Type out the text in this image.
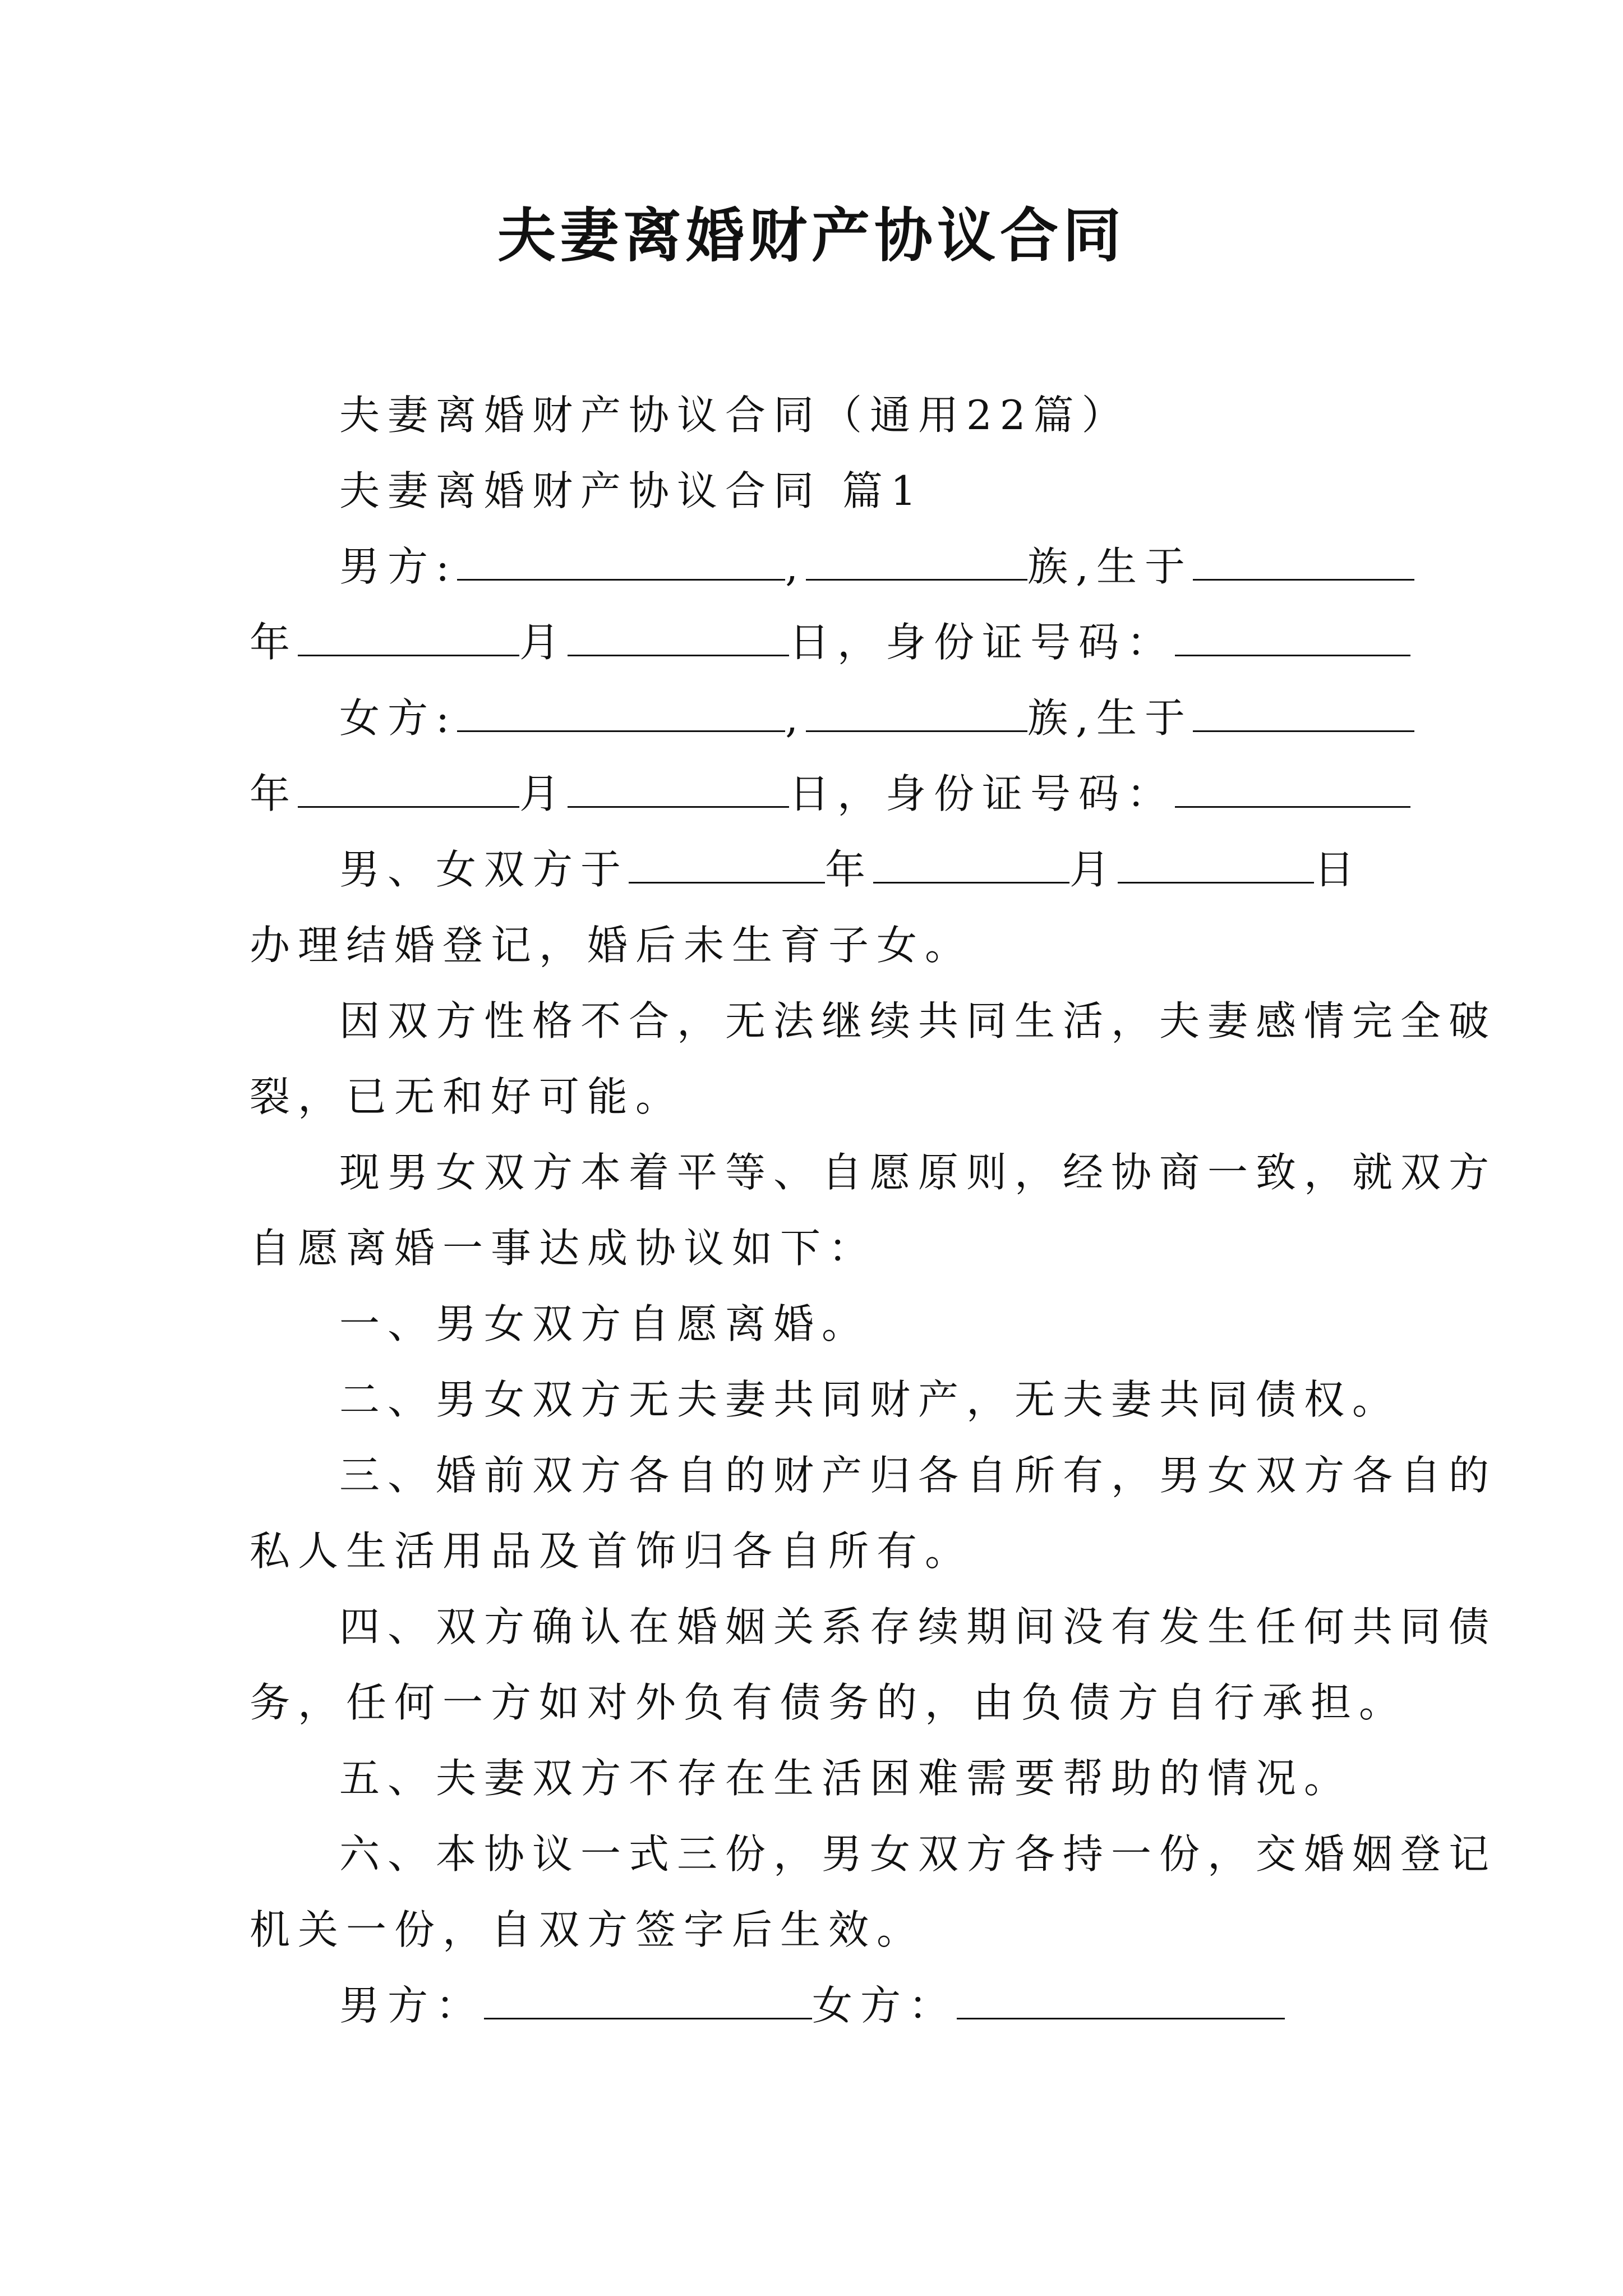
夫妻离婚财产协议合同
夫妻离婚财产协议合同（通用22篇）
夫妻离婚财产协议合同 篇1
男方:	,	族,生于
年	月	日，身份证号码：
女方:	,	族,生于
年	月	日，身份证号码：
男、女双方于	年	月	日
办理结婚登记，婚后未生育子女。
因双方性格不合，无法继续共同生活，夫妻感情完全破
裂，已无和好可能。
现男女双方本着平等、自愿原则，经协商一致，就双方
自愿离婚一事达成协议如下：
一、男女双方自愿离婚。
二、男女双方无夫妻共同财产，无夫妻共同债权。
三、婚前双方各自的财产归各自所有，男女双方各自的
私人生活用品及首饰归各自所有。
四、双方确认在婚姻关系存续期间没有发生任何共同债
务，任何一方如对外负有债务的，由负债方自行承担。
五、夫妻双方不存在生活困难需要帮助的情况。
六、本协议一式三份，男女双方各持一份，交婚姻登记
机关一份，自双方签字后生效。
男方：	女方：
